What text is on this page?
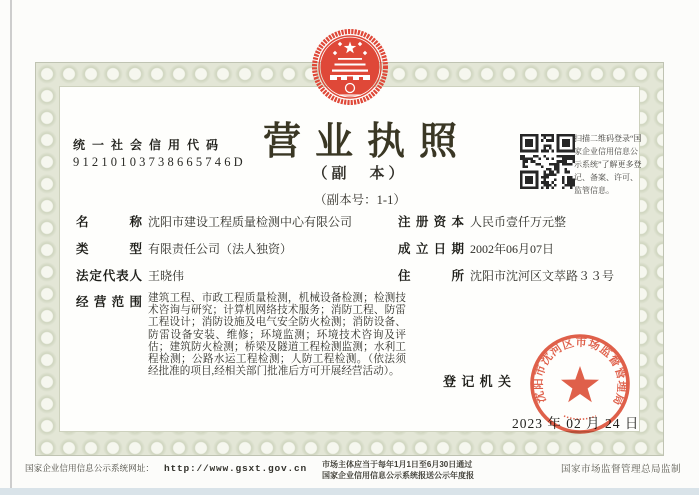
统一社会信用代码
91210103738665746D 营业执照
（副　本）
（副本号：1-1）
扫描二维码登录“国家企业信用信息公示系统”了解更多登记、备案、许可、监管信息。
名称 沈阳市建设工程质量检测中心有限公司
类型 有限责任公司（法人独资）
法定代表人 王晓伟
经营范围 建筑工程、市政工程质量检测，机械设备检测；检测技术咨询与研究；计算机网络技术服务；消防工程、防雷工程设计；消防设施及电气安全防火检测；消防设备、防雷设备安装、维修；环境监测；环境技术咨询及评估；建筑防火检测；桥梁及隧道工程检测监测；水利工程检测；公路水运工程检测；人防工程检测。（依法须经批准的项目,经相关部门批准后方可开展经营活动）。
注册资本 人民币壹仟万元整
成立日期 2002年06月07日
住所 沈阳市沈河区文萃路３３号
登记机关
2023 年 02 月 24 日
沈阳市沈河区市场监督管理局
国家企业信用信息公示系统网址： http://www.gsxt.gov.cn 市场主体应当于每年1月1日至6月30日通过国家企业信用信息公示系统报送公示年度报
国家市场监督管理总局监制
